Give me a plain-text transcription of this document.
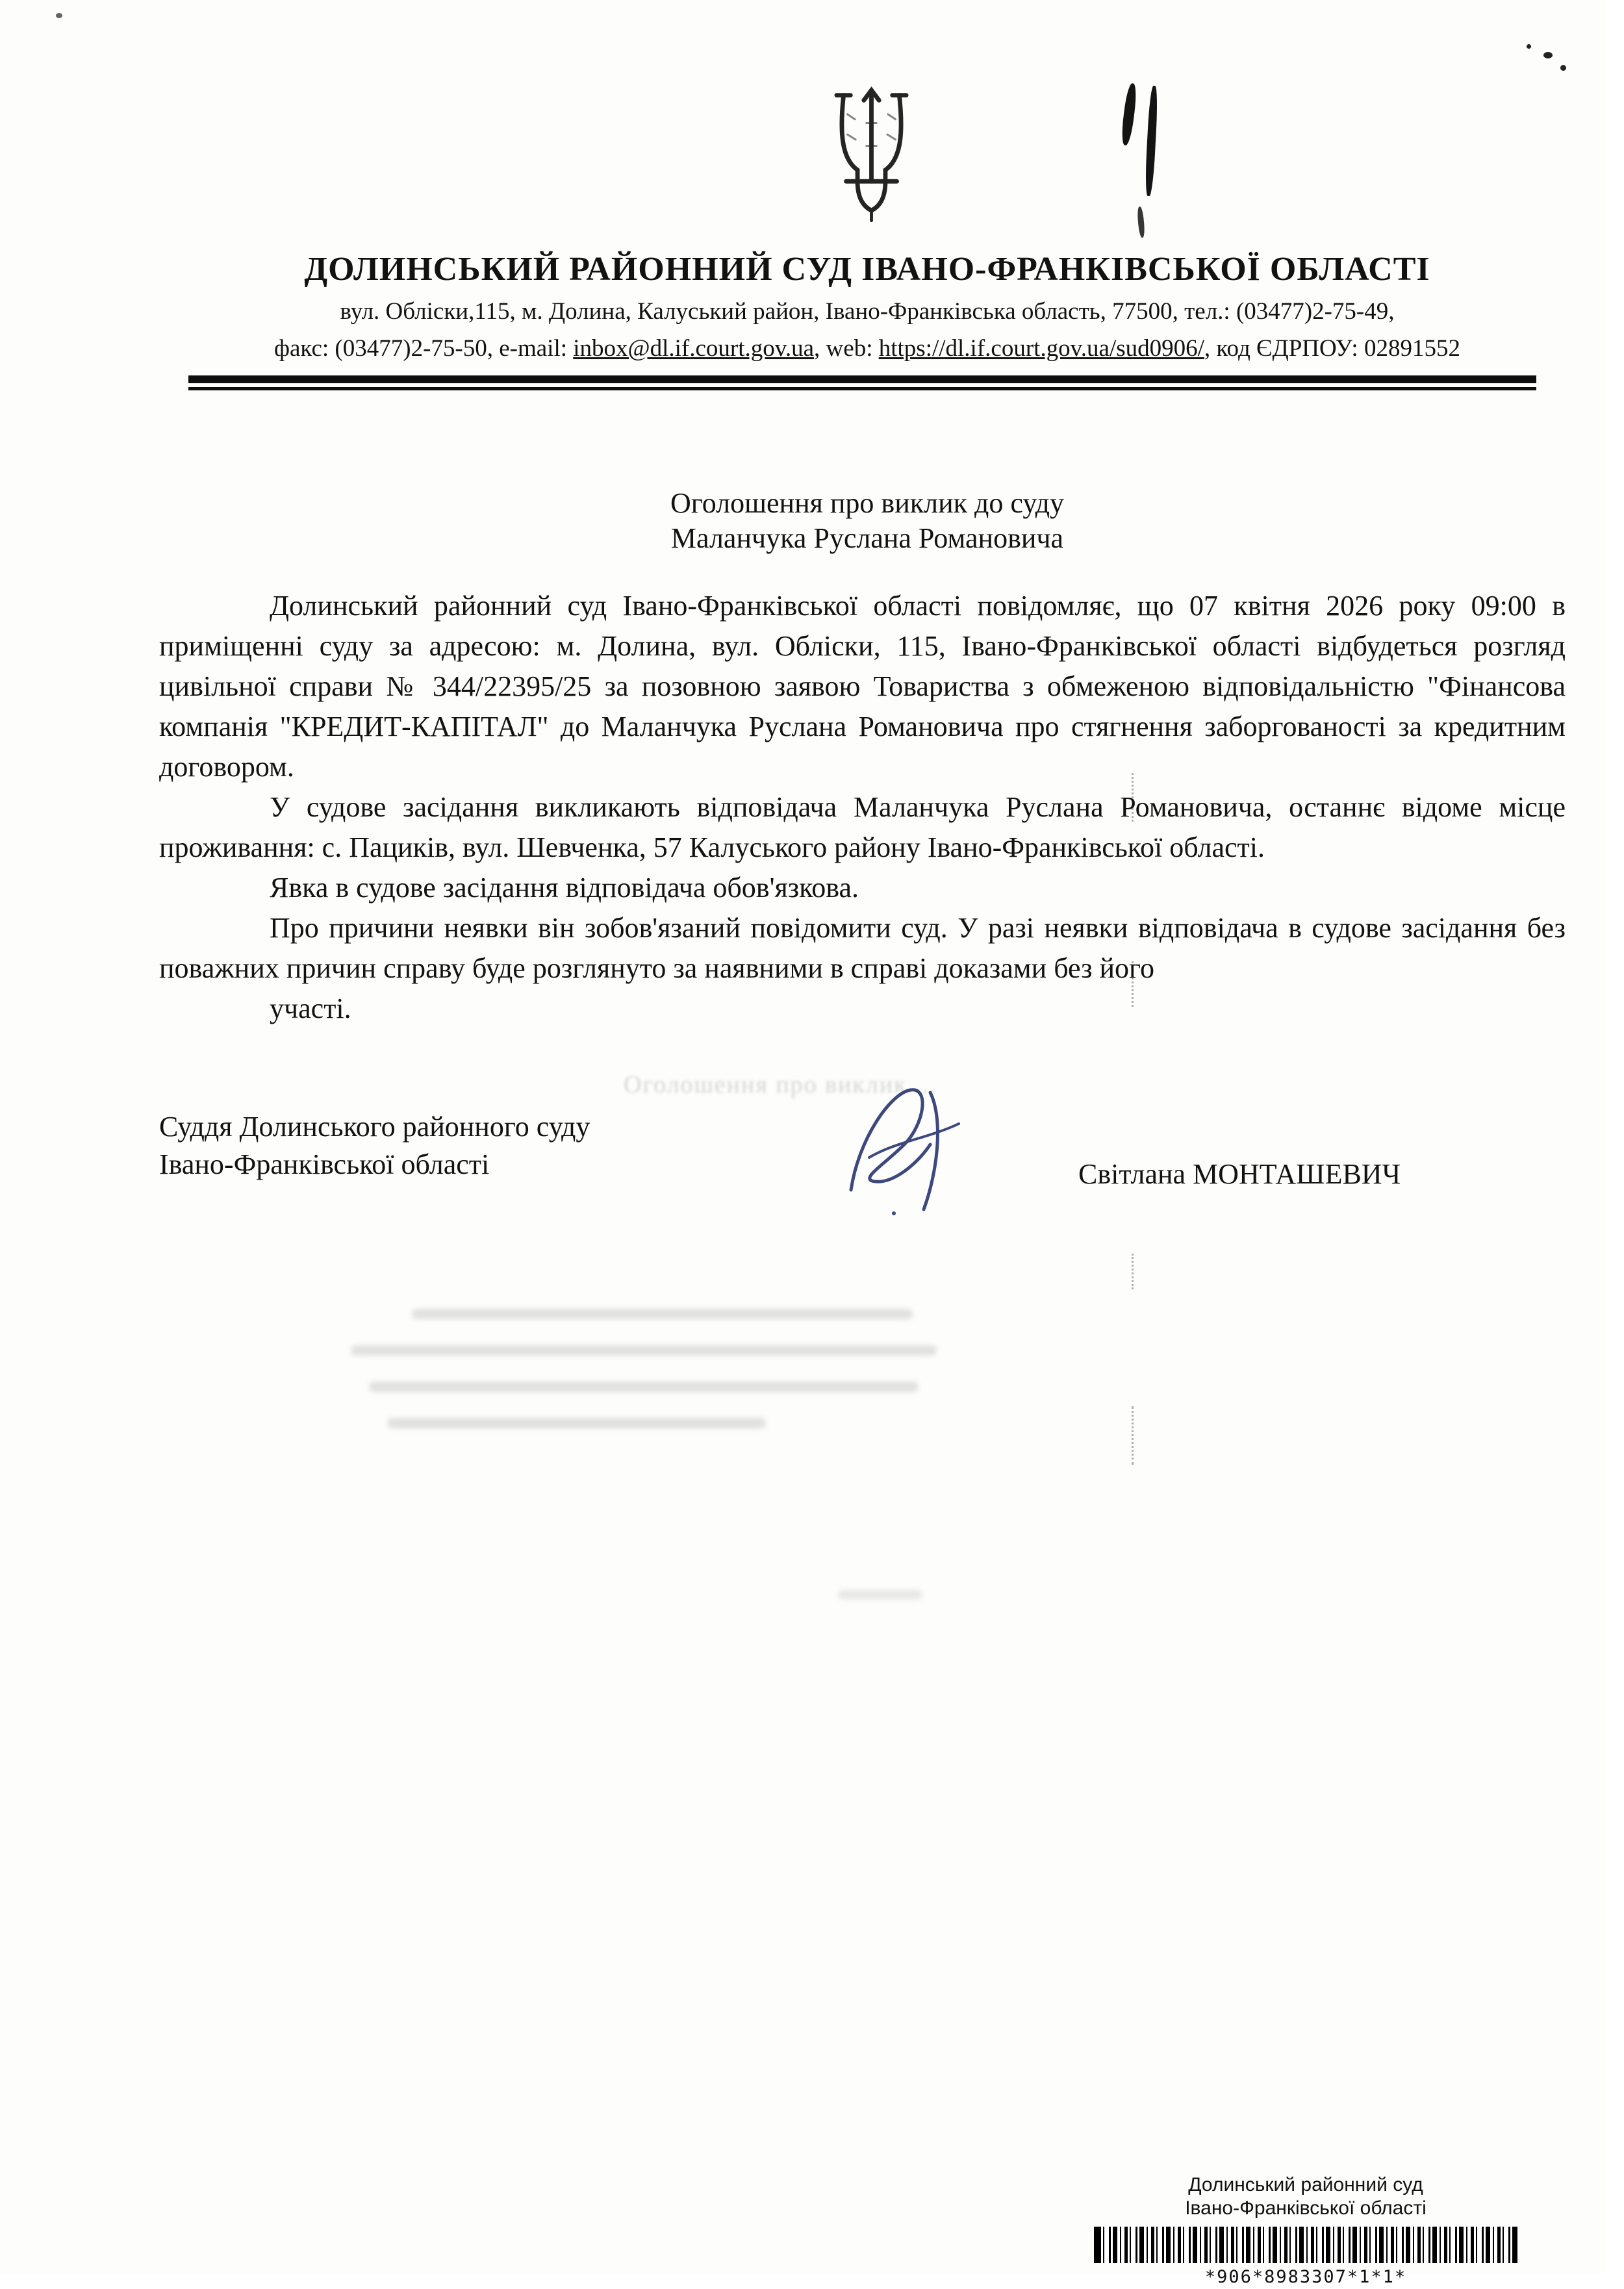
ДОЛИНСЬКИЙ РАЙОННИЙ СУД ІВАНО-ФРАНКІВСЬКОЇ ОБЛАСТІ
вул. Обліски,115, м. Долина, Калуський район, Івано-Франківська область, 77500, тел.: (03477)2-75-49,
факс: (03477)2-75-50, e-mail: inbox@dl.if.court.gov.ua, web: https://dl.if.court.gov.ua/sud0906/, код ЄДРПОУ: 02891552
Оголошення про виклик до суду
Маланчука Руслана Романовича

Долинський районний суд Івано-Франківської області повідомляє, що 07 квітня 2026 року 09:00 в приміщенні суду за адресою: м. Долина, вул. Обліски, 115, Івано-Франківської області відбудеться розгляд цивільної справи № 344/22395/25 за позовною заявою Товариства з обмеженою відповідальністю "Фінансова компанія "КРЕДИТ-КАПІТАЛ" до Маланчука Руслана Романовича про стягнення заборгованості за кредитним договором.

У судове засідання викликають відповідача Маланчука Руслана Романовича, останнє відоме місце проживання: с. Пациків, вул. Шевченка, 57 Калуського району Івано-Франківської області.

Явка в судове засідання відповідача обов'язкова.

Про причини неявки він зобов'язаний повідомити суд. У разі неявки відповідача в судове засідання без поважних причин справу буде розглянуто за наявними в справі доказами без його

участі.

Оголошення про виклик ...
Суддя Долинського районного суду
Івано-Франківської області	Світлана МОНТАШЕВИЧ
Долинський районний суд
Івано-Франківської області
*906*8983307*1*1*
